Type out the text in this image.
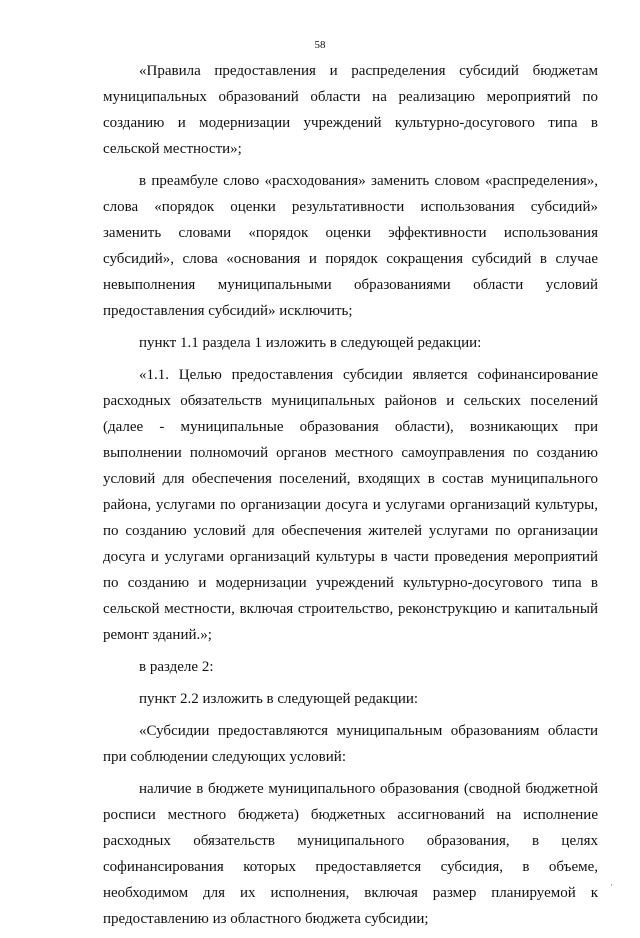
58

«Правила предоставления и распределения субсидий бюджетам муниципальных образований области на реализацию мероприятий по созданию и модернизации учреждений культурно-досугового типа в сельской местности»;

в преамбуле слово «расходования» заменить словом «распределения», слова «порядок оценки результативности использования субсидий» заменить словами «порядок оценки эффективности использования субсидий», слова «основания и порядок сокращения субсидий в случае невыполнения муниципальными образованиями области условий предоставления субсидий» исключить;

пункт 1.1 раздела 1 изложить в следующей редакции:

«1.1. Целью предоставления субсидии является софинансирование расходных обязательств муниципальных районов и сельских поселений (далее - муниципальные образования области), возникающих при выполнении полномочий органов местного самоуправления по созданию условий для обеспечения поселений, входящих в состав муниципального района, услугами по организации досуга и услугами организаций культуры, по созданию условий для обеспечения жителей услугами по организации досуга и услугами организаций культуры в части проведения мероприятий по созданию и модернизации учреждений культурно-досугового типа в сельской местности, включая строительство, реконструкцию и капитальный ремонт зданий.»;

в разделе 2:

пункт 2.2 изложить в следующей редакции:

«Субсидии предоставляются муниципальным образованиям области при соблюдении следующих условий:

наличие в бюджете муниципального образования (сводной бюджетной росписи местного бюджета) бюджетных ассигнований на исполнение расходных обязательств муниципального образования, в целях софинансирования которых предоставляется субсидия, в объеме, необходимом для их исполнения, включая размер планируемой к предоставлению из областного бюджета субсидии;

·
